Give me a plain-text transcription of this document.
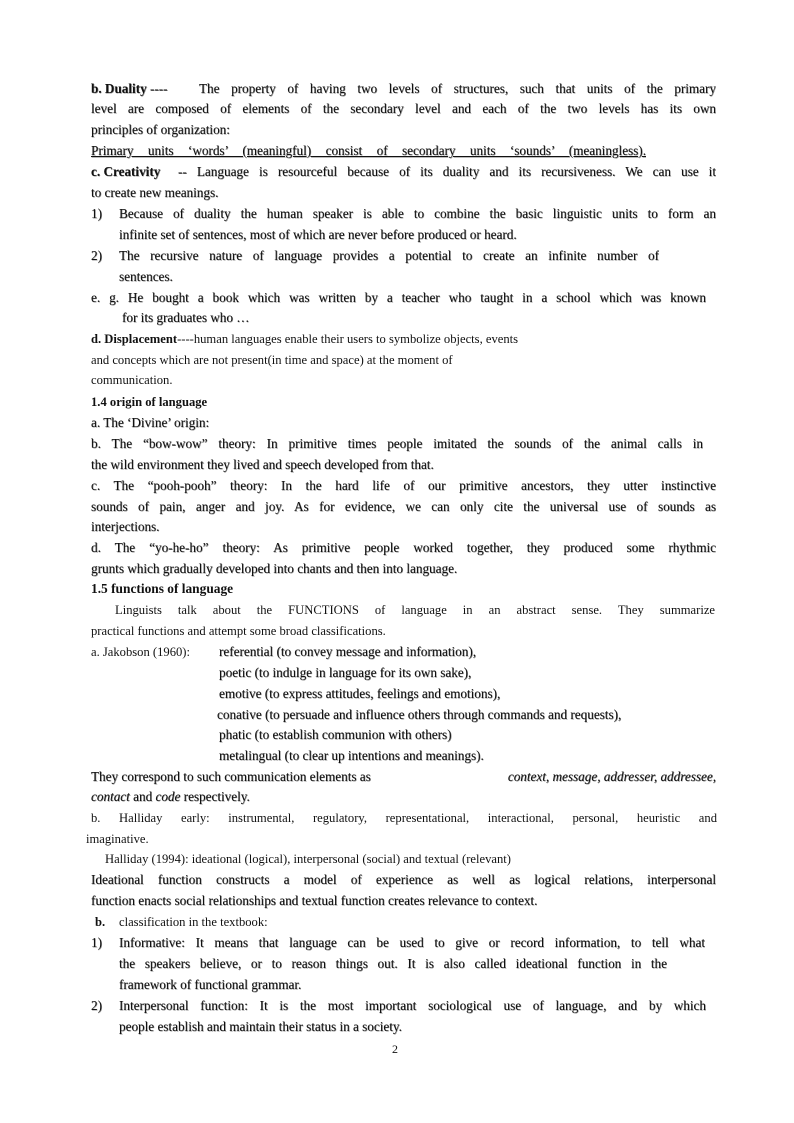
b. Duality ---- The property of having two levels of structures, such that units of the primary
level are composed of elements of the secondary level and each of the two levels has its own
principles of organization:
Primary units ‘words’ (meaningful) consist of secondary units ‘sounds’ (meaningless).
c. Creativity -- Language is resourceful because of its duality and its recursiveness. We can use it
to create new meanings.
1) Because of duality the human speaker is able to combine the basic linguistic units to form an
infinite set of sentences, most of which are never before produced or heard.
2) The recursive nature of language provides a potential to create an infinite number of
sentences.
e. g. He bought a book which was written by a teacher who taught in a school which was known
for its graduates who …
d. Displacement----human languages enable their users to symbolize objects, events
and concepts which are not present(in time and space) at the moment of
communication.
1.4 origin of language
a. The ‘Divine’ origin:
b. The “bow-wow” theory: In primitive times people imitated the sounds of the animal calls in
the wild environment they lived and speech developed from that.
c. The “pooh-pooh” theory: In the hard life of our primitive ancestors, they utter instinctive
sounds of pain, anger and joy. As for evidence, we can only cite the universal use of sounds as
interjections.
d. The “yo-he-ho” theory: As primitive people worked together, they produced some rhythmic
grunts which gradually developed into chants and then into language.
1.5 functions of language
Linguists talk about the FUNCTIONS of language in an abstract sense. They summarize
practical functions and attempt some broad classifications.
a. Jakobson (1960): referential (to convey message and information),
poetic (to indulge in language for its own sake),
emotive (to express attitudes, feelings and emotions),
conative (to persuade and influence others through commands and requests),
phatic (to establish communion with others)
metalingual (to clear up intentions and meanings).
They correspond to such communication elements as	context, message, addresser, addressee,
contact and code respectively.
b. Halliday early: instrumental, regulatory, representational, interactional, personal, heuristic and
imaginative.
Halliday (1994): ideational (logical), interpersonal (social) and textual (relevant)
Ideational function constructs a model of experience as well as logical relations, interpersonal
function enacts social relationships and textual function creates relevance to context.
b. classification in the textbook:
1) Informative: It means that language can be used to give or record information, to tell what
the speakers believe, or to reason things out. It is also called ideational function in the
framework of functional grammar.
2) Interpersonal function: It is the most important sociological use of language, and by which
people establish and maintain their status in a society.
2
